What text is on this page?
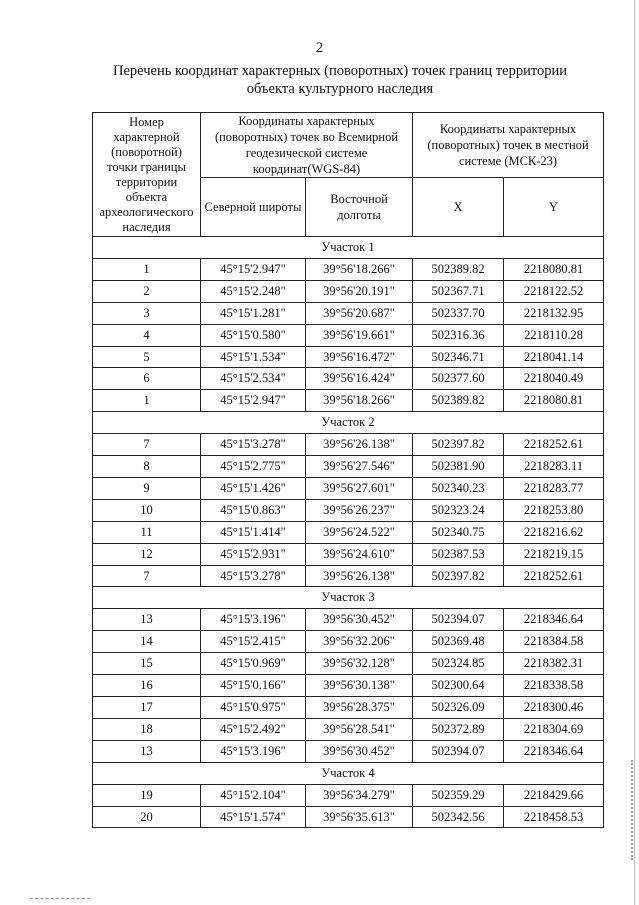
2
Перечень координат характерных (поворотных) точек границ территории
объекта культурного наследия
Номер характерной (поворотной) точки границы территории объекта археологического наследия	Координаты характерных (поворотных) точек во Всемирной геодезической системе координат(WGS-84)		Координаты характерных (поворотных) точек в местной системе (МСК-23)	
	Северной широты	Восточной долготы	X	Y
Участок 1				
1	45°15'2.947"	39°56'18.266"	502389.82	2218080.81
2	45°15'2.248"	39°56'20.191"	502367.71	2218122.52
3	45°15'1.281"	39°56'20.687"	502337.70	2218132.95
4	45°15'0.580"	39°56'19.661"	502316.36	2218110.28
5	45°15'1.534"	39°56'16.472"	502346.71	2218041.14
6	45°15'2.534"	39°56'16.424"	502377.60	2218040.49
1	45°15'2.947"	39°56'18.266"	502389.82	2218080.81
Участок 2				
7	45°15'3.278"	39°56'26.138"	502397.82	2218252.61
8	45°15'2.775"	39°56'27.546"	502381.90	2218283.11
9	45°15'1.426"	39°56'27.601"	502340.23	2218283.77
10	45°15'0.863"	39°56'26.237"	502323.24	2218253.80
11	45°15'1.414"	39°56'24.522"	502340.75	2218216.62
12	45°15'2.931"	39°56'24.610"	502387.53	2218219.15
7	45°15'3.278"	39°56'26.138"	502397.82	2218252.61
Участок 3				
13	45°15'3.196"	39°56'30.452"	502394.07	2218346.64
14	45°15'2.415"	39°56'32.206"	502369.48	2218384.58
15	45°15'0.969"	39°56'32.128"	502324.85	2218382.31
16	45°15'0.166"	39°56'30.138"	502300.64	2218338.58
17	45°15'0.975"	39°56'28.375"	502326.09	2218300.46
18	45°15'2.492"	39°56'28.541"	502372.89	2218304.69
13	45°15'3.196"	39°56'30.452"	502394.07	2218346.64
Участок 4				
19	45°15'2.104"	39°56'34.279"	502359.29	2218429.66
20	45°15'1.574"	39°56'35.613"	502342.56	2218458.53
